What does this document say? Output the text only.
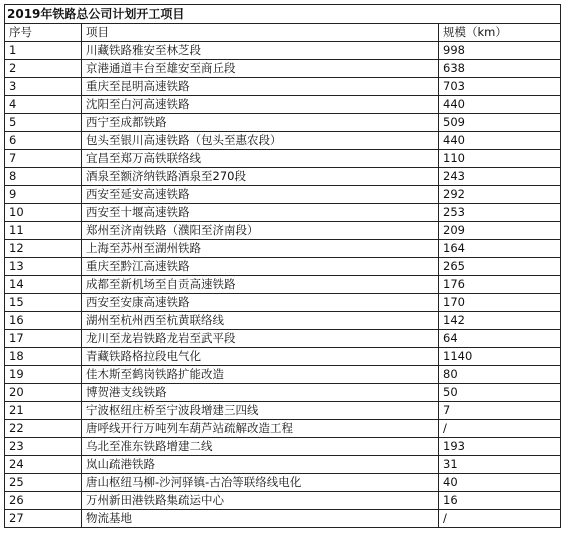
2019年铁路总公司计划开工项目		
序号	项目	规模（km）
1	川藏铁路雅安至林芝段	998
2	京港通道丰台至雄安至商丘段	638
3	重庆至昆明高速铁路	703
4	沈阳至白河高速铁路	440
5	西宁至成都铁路	509
6	包头至银川高速铁路（包头至惠农段）	440
7	宜昌至郑万高铁联络线	110
8	酒泉至额济纳铁路酒泉至270段	243
9	西安至延安高速铁路	292
10	西安至十堰高速铁路	253
11	郑州至济南铁路（濮阳至济南段）	209
12	上海至苏州至湖州铁路	164
13	重庆至黔江高速铁路	265
14	成都至新机场至自贡高速铁路	176
15	西安至安康高速铁路	170
16	湖州至杭州西至杭黄联络线	142
17	龙川至龙岩铁路龙岩至武平段	64
18	青藏铁路格拉段电气化	1140
19	佳木斯至鹤岗铁路扩能改造	80
20	博贺港支线铁路	50
21	宁波枢纽庄桥至宁波段增建三四线	7
22	唐呼线开行万吨列车葫芦站疏解改造工程	/
23	乌北至准东铁路增建二线	193
24	岚山疏港铁路	31
25	唐山枢纽马柳-沙河驿镇-古冶等联络线电化	40
26	万州新田港铁路集疏运中心	16
27	物流基地	/
